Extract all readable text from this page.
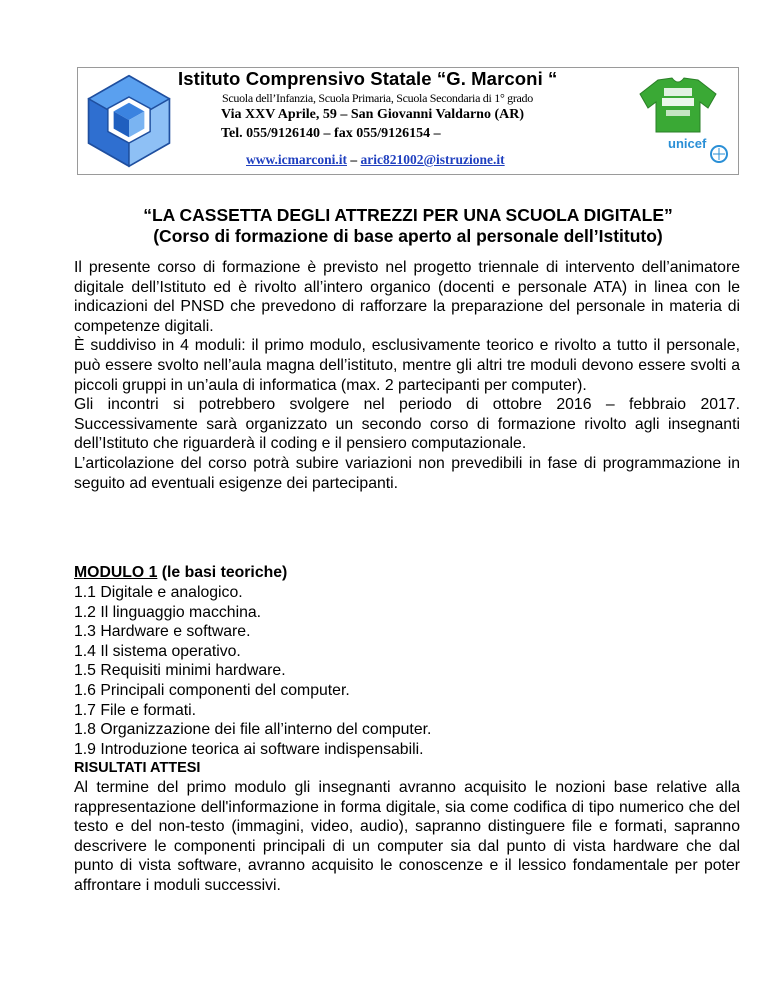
Istituto Comprensivo Statale “G. Marconi “
Scuola dell’Infanzia, Scuola Primaria, Scuola Secondaria di 1° grado
Via XXV Aprile, 59 – San Giovanni Valdarno (AR)
Tel. 055/9126140 – fax 055/9126154 –
www.icmarconi.it – aric821002@istruzione.it
unicef
“LA CASSETTA DEGLI ATTREZZI PER UNA SCUOLA DIGITALE”
(Corso di formazione di base aperto al personale dell’Istituto)

Il presente corso di formazione è previsto nel progetto triennale di intervento dell’animatore digitale dell’Istituto ed è rivolto all’intero organico (docenti e personale ATA) in linea con le indicazioni del PNSD che prevedono di rafforzare la preparazione del personale in materia di competenze digitali.

È suddiviso in 4 moduli: il primo modulo, esclusivamente teorico e rivolto a tutto il personale, può essere svolto nell’aula magna dell’istituto, mentre gli altri tre moduli devono essere svolti a piccoli gruppi in un’aula di informatica (max. 2 partecipanti per computer).

Gli incontri si potrebbero svolgere nel periodo di ottobre 2016 – febbraio 2017. Successivamente sarà organizzato un secondo corso di formazione rivolto agli insegnanti dell’Istituto che riguarderà il coding e il pensiero computazionale.

L’articolazione del corso potrà subire variazioni non prevedibili in fase di programmazione in seguito ad eventuali esigenze dei partecipanti.

MODULO 1 (le basi teoriche)
1.1 Digitale e analogico.
1.2 Il linguaggio macchina.
1.3 Hardware e software.
1.4 Il sistema operativo.
1.5 Requisiti minimi hardware.
1.6 Principali componenti del computer.
1.7 File e formati.
1.8 Organizzazione dei file all’interno del computer.
1.9 Introduzione teorica ai software indispensabili.
RISULTATI ATTESI

Al termine del primo modulo gli insegnanti avranno acquisito le nozioni base relative alla rappresentazione dell'informazione in forma digitale, sia come codifica di tipo numerico che del testo e del non-testo (immagini, video, audio), sapranno distinguere file e formati, sapranno descrivere le componenti principali di un computer sia dal punto di vista hardware che dal punto di vista software, avranno acquisito le conoscenze e il lessico fondamentale per poter affrontare i moduli successivi.
